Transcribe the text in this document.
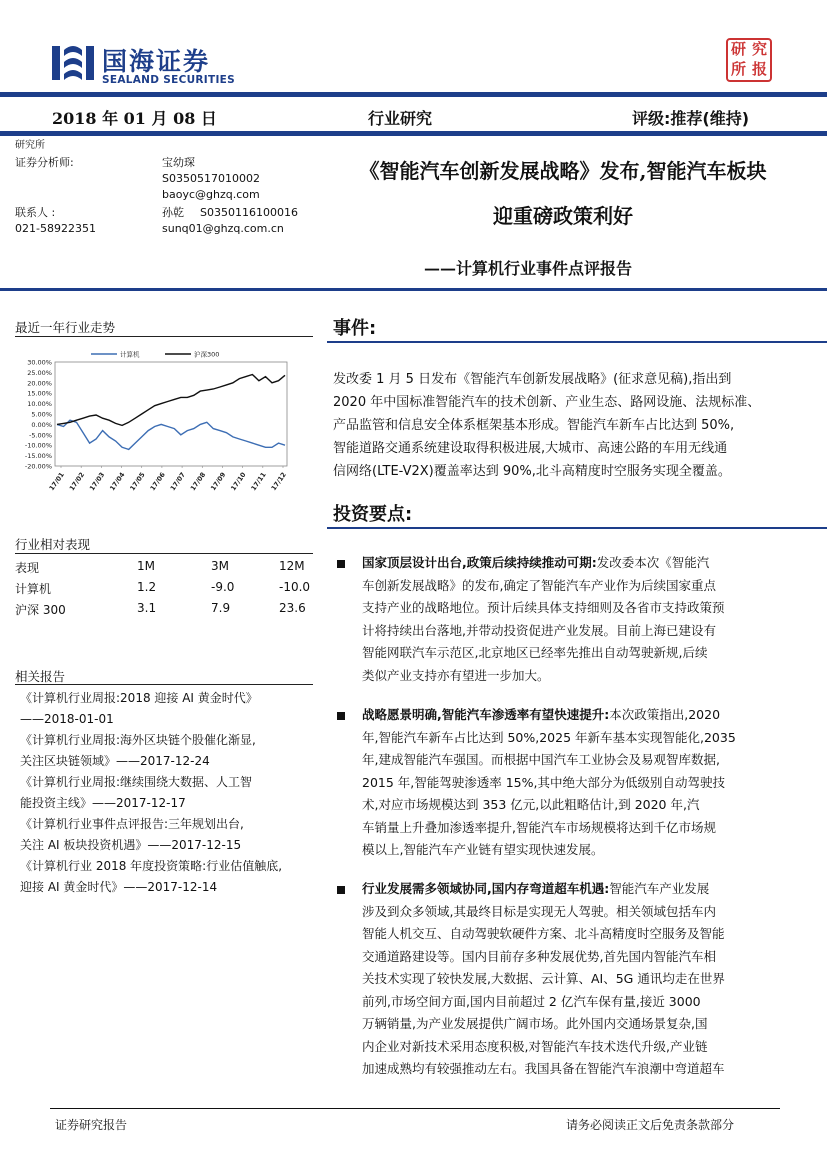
国海证券
SEALAND SECURITIES
研 究
所 报
2018 年 01 月 08 日	行业研究	评级:推荐(维持)
研究所
证券分析师:	宝幼琛
S0350517010002
baoyc@ghzq.com
联系人 :	孙乾 S0350116100016
021-58922351	sunq01@ghzq.com.cn
《智能汽车创新发展战略》发布,智能汽车板块
迎重磅政策利好
——计算机行业事件点评报告
最近一年行业走势
30.00%
25.00%
20.00%
15.00%
10.00%
5.00%
0.00%
-5.00%
-10.00%
-15.00%
-20.00%
17/01 17/02 17/03 17/04 17/05 17/06 17/07 17/08 17/09 17/10 17/11 17/12
计算机	沪深300
行业相对表现
表现	1M	3M	12M
计算机	1.2	-9.0	-10.0
沪深 300	3.1	7.9	23.6
相关报告
《计算机行业周报:2018 迎接 AI 黄金时代》
——2018-01-01
《计算机行业周报:海外区块链个股催化渐显,
关注区块链领域》——2017-12-24
《计算机行业周报:继续围绕大数据、人工智
能投资主线》——2017-12-17
《计算机行业事件点评报告:三年规划出台,
关注 AI 板块投资机遇》——2017-12-15
《计算机行业 2018 年度投资策略:行业估值触底,
迎接 AI 黄金时代》——2017-12-14
事件:
发改委 1 月 5 日发布《智能汽车创新发展战略》(征求意见稿),指出到
2020 年中国标准智能汽车的技术创新、产业生态、路网设施、法规标准、
产品监管和信息安全体系框架基本形成。智能汽车新车占比达到 50%,
智能道路交通系统建设取得积极进展,大城市、高速公路的车用无线通
信网络(LTE-V2X)覆盖率达到 90%,北斗高精度时空服务实现全覆盖。
投资要点:
国家顶层设计出台,政策后续持续推动可期:发改委本次《智能汽
车创新发展战略》的发布,确定了智能汽车产业作为后续国家重点
支持产业的战略地位。预计后续具体支持细则及各省市支持政策预
计将持续出台落地,并带动投资促进产业发展。目前上海已建设有
智能网联汽车示范区,北京地区已经率先推出自动驾驶新规,后续
类似产业支持亦有望进一步加大。
战略愿景明确,智能汽车渗透率有望快速提升:本次政策指出,2020
年,智能汽车新车占比达到 50%,2025 年新车基本实现智能化,2035
年,建成智能汽车强国。而根据中国汽车工业协会及易观智库数据,
2015 年,智能驾驶渗透率 15%,其中绝大部分为低级别自动驾驶技
术,对应市场规模达到 353 亿元,以此粗略估计,到 2020 年,汽
车销量上升叠加渗透率提升,智能汽车市场规模将达到千亿市场规
模以上,智能汽车产业链有望实现快速发展。
行业发展需多领域协同,国内存弯道超车机遇:智能汽车产业发展
涉及到众多领域,其最终目标是实现无人驾驶。相关领域包括车内
智能人机交互、自动驾驶软硬件方案、北斗高精度时空服务及智能
交通道路建设等。国内目前存多种发展优势,首先国内智能汽车相
关技术实现了较快发展,大数据、云计算、AI、5G 通讯均走在世界
前列,市场空间方面,国内目前超过 2 亿汽车保有量,接近 3000
万辆销量,为产业发展提供广阔市场。此外国内交通场景复杂,国
内企业对新技术采用态度积极,对智能汽车技术迭代升级,产业链
加速成熟均有较强推动左右。我国具备在智能汽车浪潮中弯道超车
证券研究报告	请务必阅读正文后免责条款部分
